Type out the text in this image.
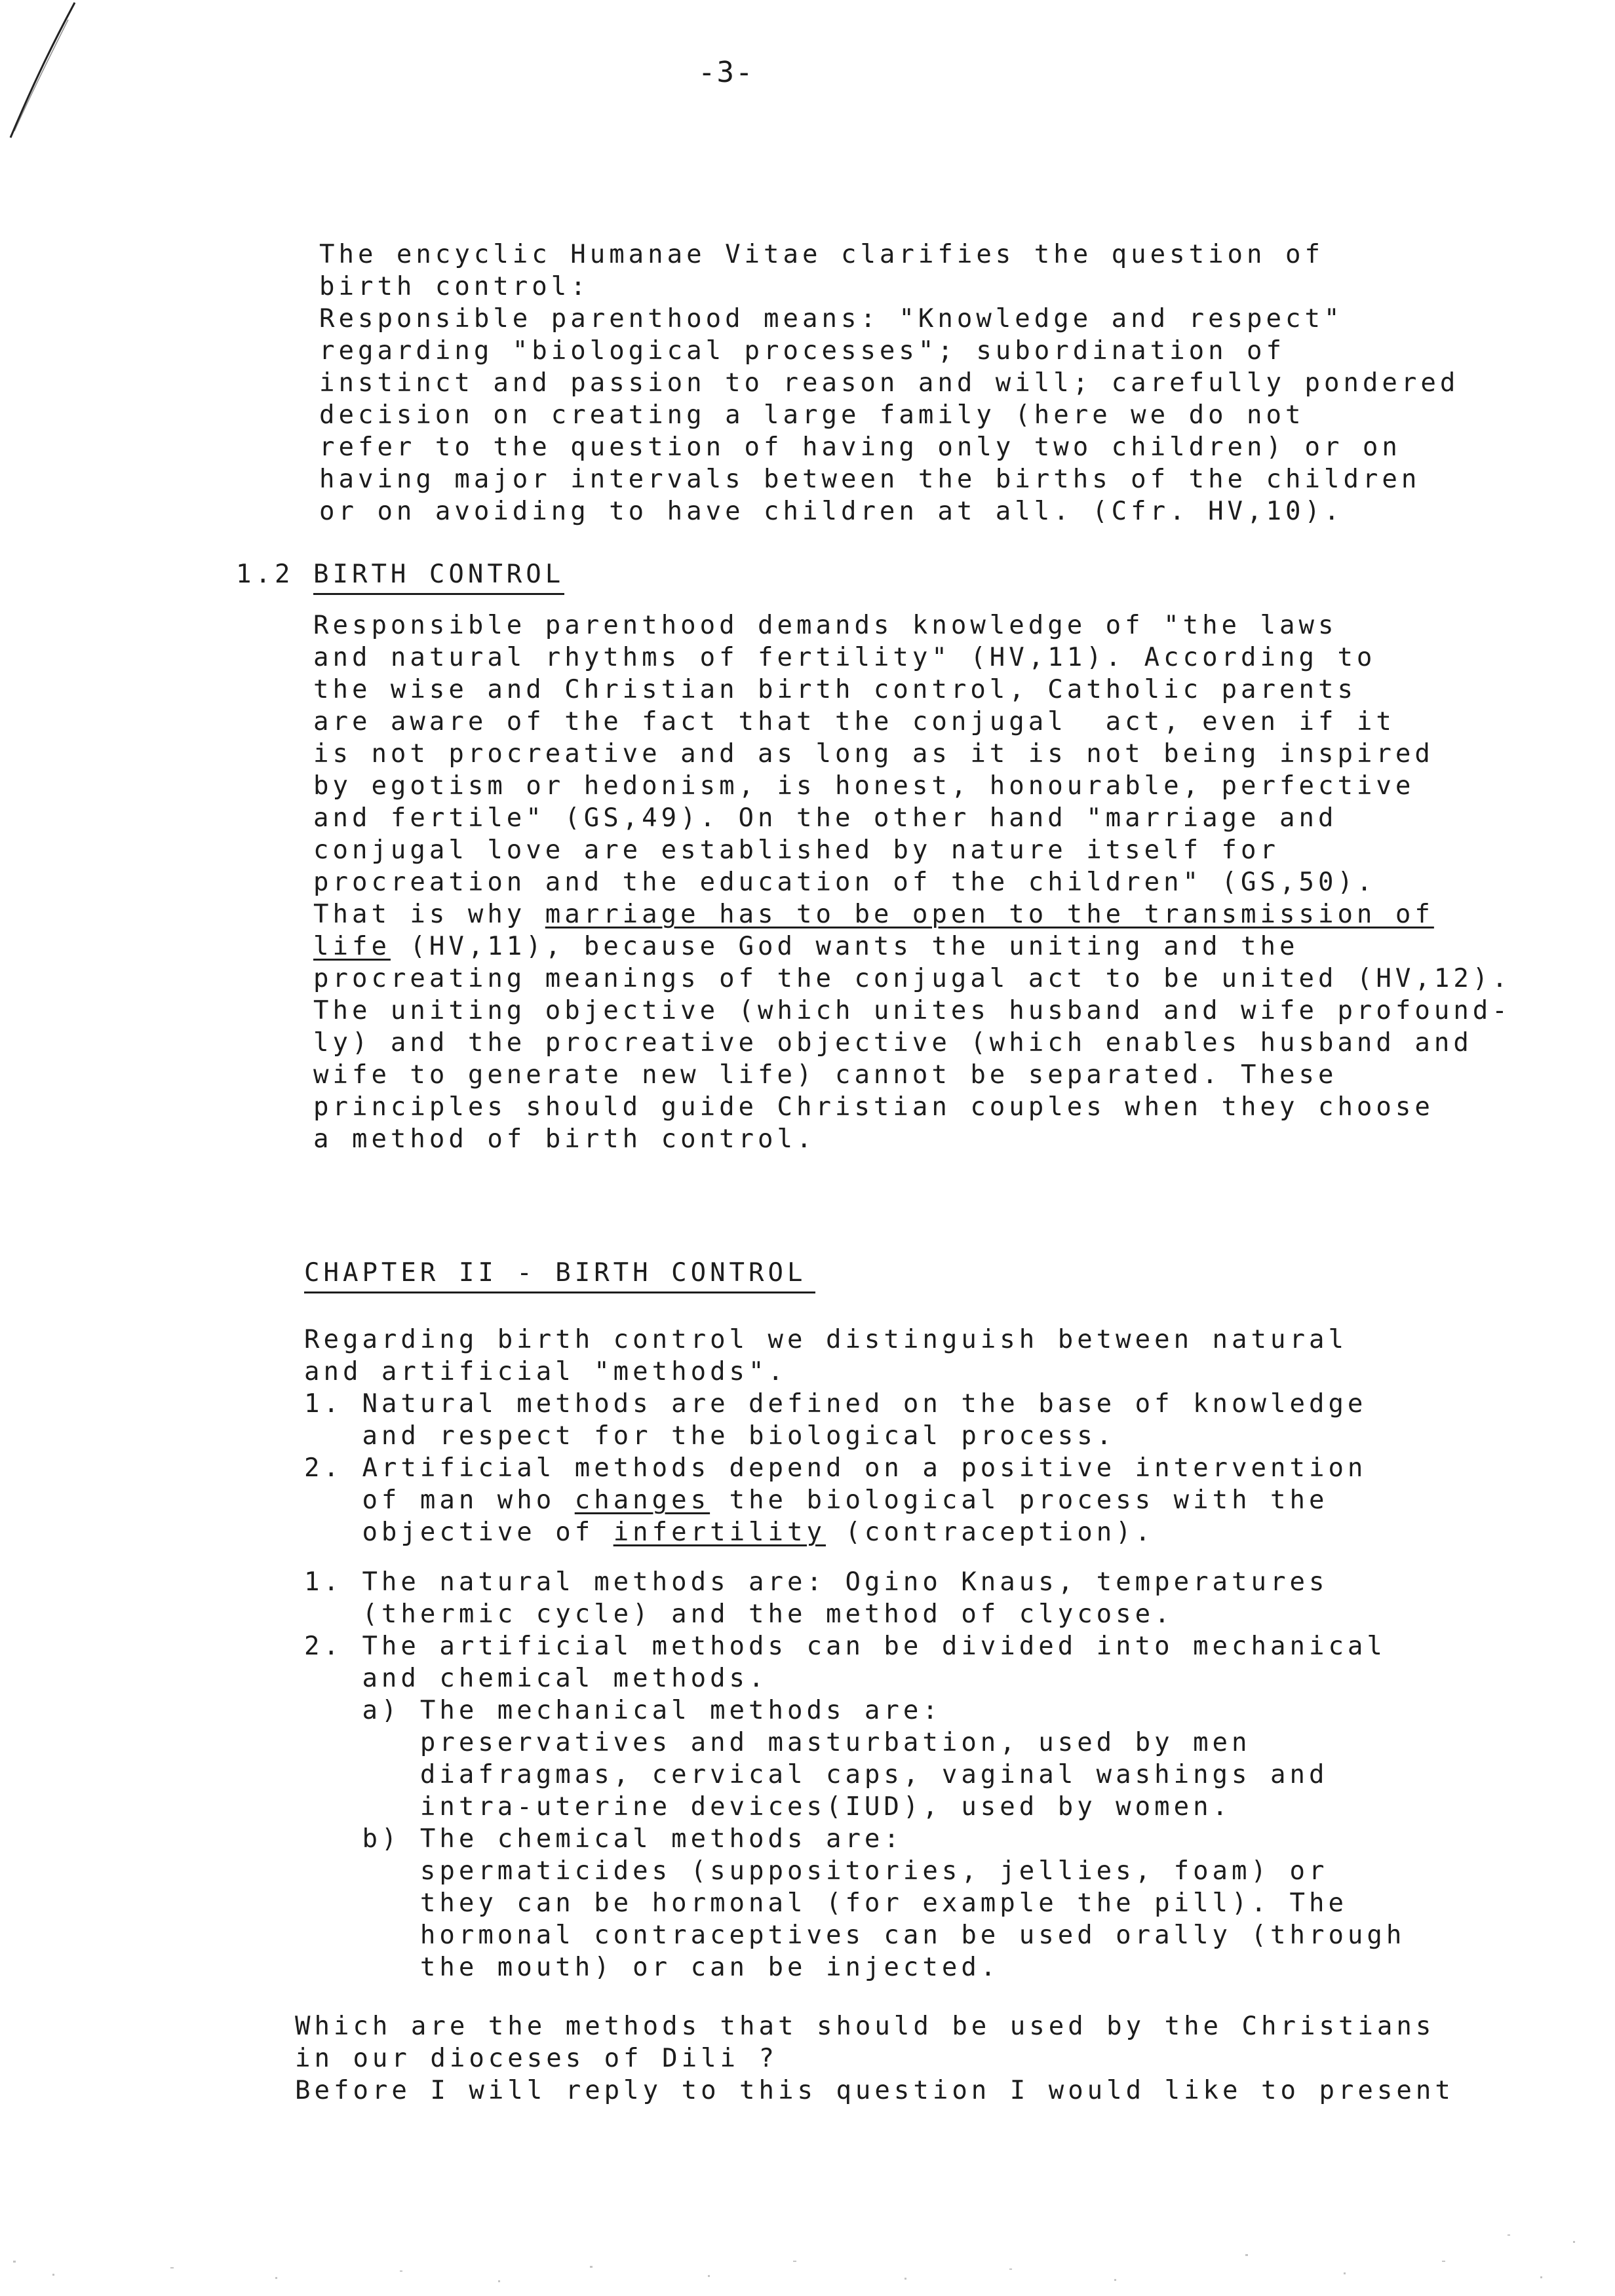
-3-
The encyclic Humanae Vitae clarifies the question of
birth control:
Responsible parenthood means: "Knowledge and respect"
regarding "biological processes"; subordination of
instinct and passion to reason and will; carefully pondered
decision on creating a large family (here we do not
refer to the question of having only two children) or on
having major intervals between the births of the children
or on avoiding to have children at all. (Cfr. HV,10).
1.2 BIRTH CONTROL
Responsible parenthood demands knowledge of "the laws
and natural rhythms of fertility" (HV,11). According to
the wise and Christian birth control, Catholic parents
are aware of the fact that the conjugal  act, even if it
is not procreative and as long as it is not being inspired
by egotism or hedonism, is honest, honourable, perfective
and fertile" (GS,49). On the other hand "marriage and
conjugal love are established by nature itself for
procreation and the education of the children" (GS,50).
That is why marriage has to be open to the transmission of
life (HV,11), because God wants the uniting and the
procreating meanings of the conjugal act to be united (HV,12).
The uniting objective (which unites husband and wife profound-
ly) and the procreative objective (which enables husband and
wife to generate new life) cannot be separated. These
principles should guide Christian couples when they choose
a method of birth control.
CHAPTER II - BIRTH CONTROL
Regarding birth control we distinguish between natural
and artificial "methods".
1. Natural methods are defined on the base of knowledge
and respect for the biological process.
2. Artificial methods depend on a positive intervention
of man who changes the biological process with the
objective of infertility (contraception).
1. The natural methods are: Ogino Knaus, temperatures
(thermic cycle) and the method of clycose.
2. The artificial methods can be divided into mechanical
and chemical methods.
a) The mechanical methods are:
preservatives and masturbation, used by men
diafragmas, cervical caps, vaginal washings and
intra-uterine devices(IUD), used by women.
b) The chemical methods are:
spermaticides (suppositories, jellies, foam) or
they can be hormonal (for example the pill). The
hormonal contraceptives can be used orally (through
the mouth) or can be injected.
Which are the methods that should be used by the Christians
in our dioceses of Dili ?
Before I will reply to this question I would like to present
